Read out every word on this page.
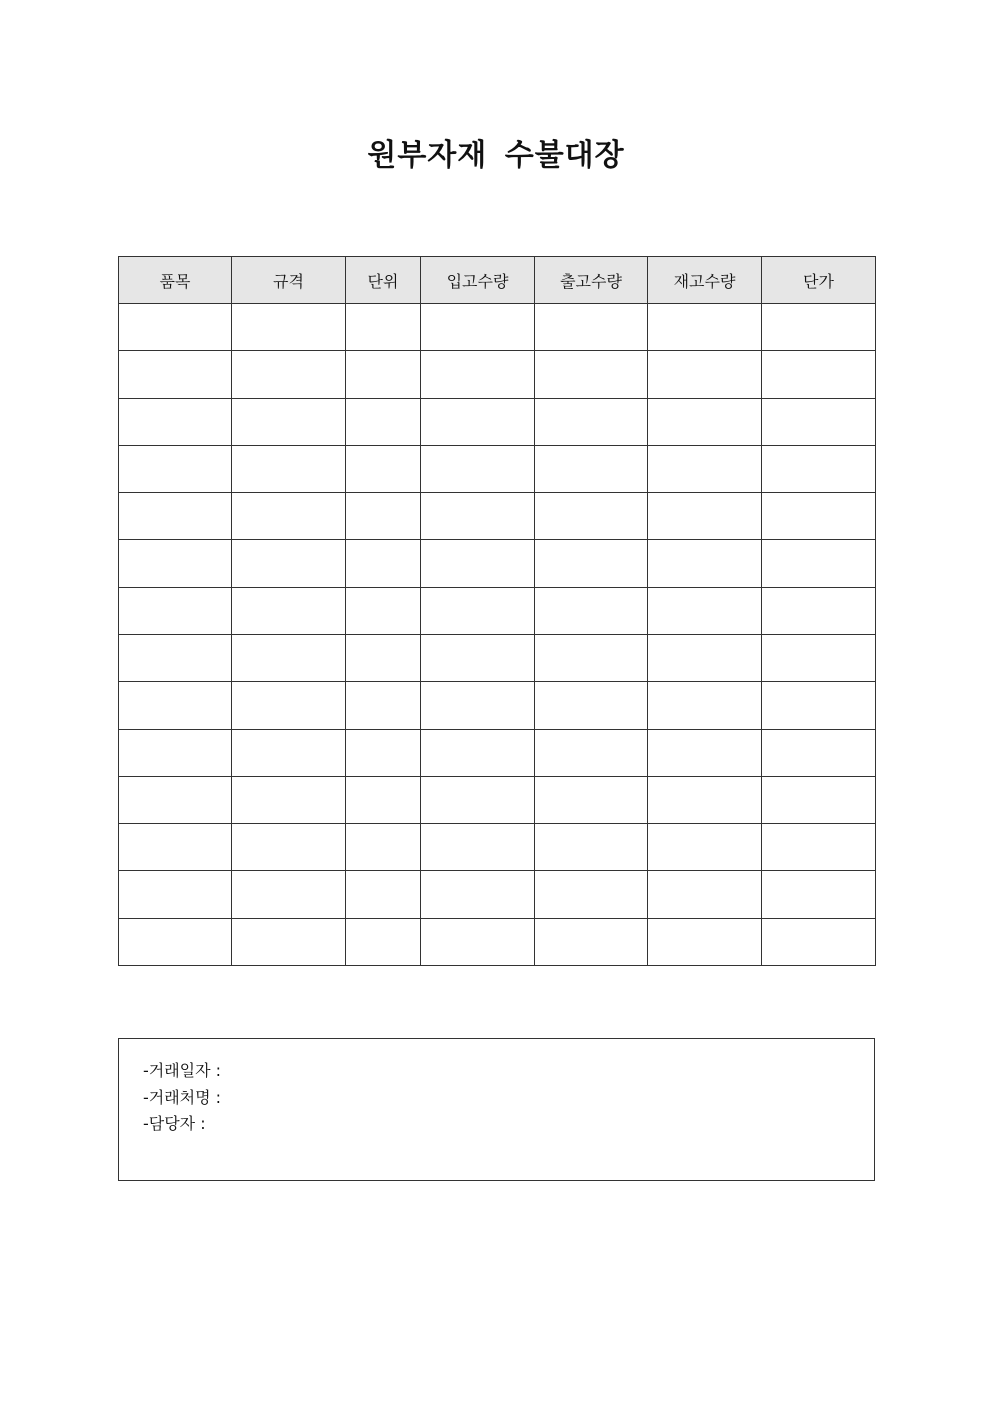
원부자재 수불대장
품목	규격	단위	입고수량	출고수량	재고수량	단가

-거래일자 :
-거래처명 :
-담당자 :
